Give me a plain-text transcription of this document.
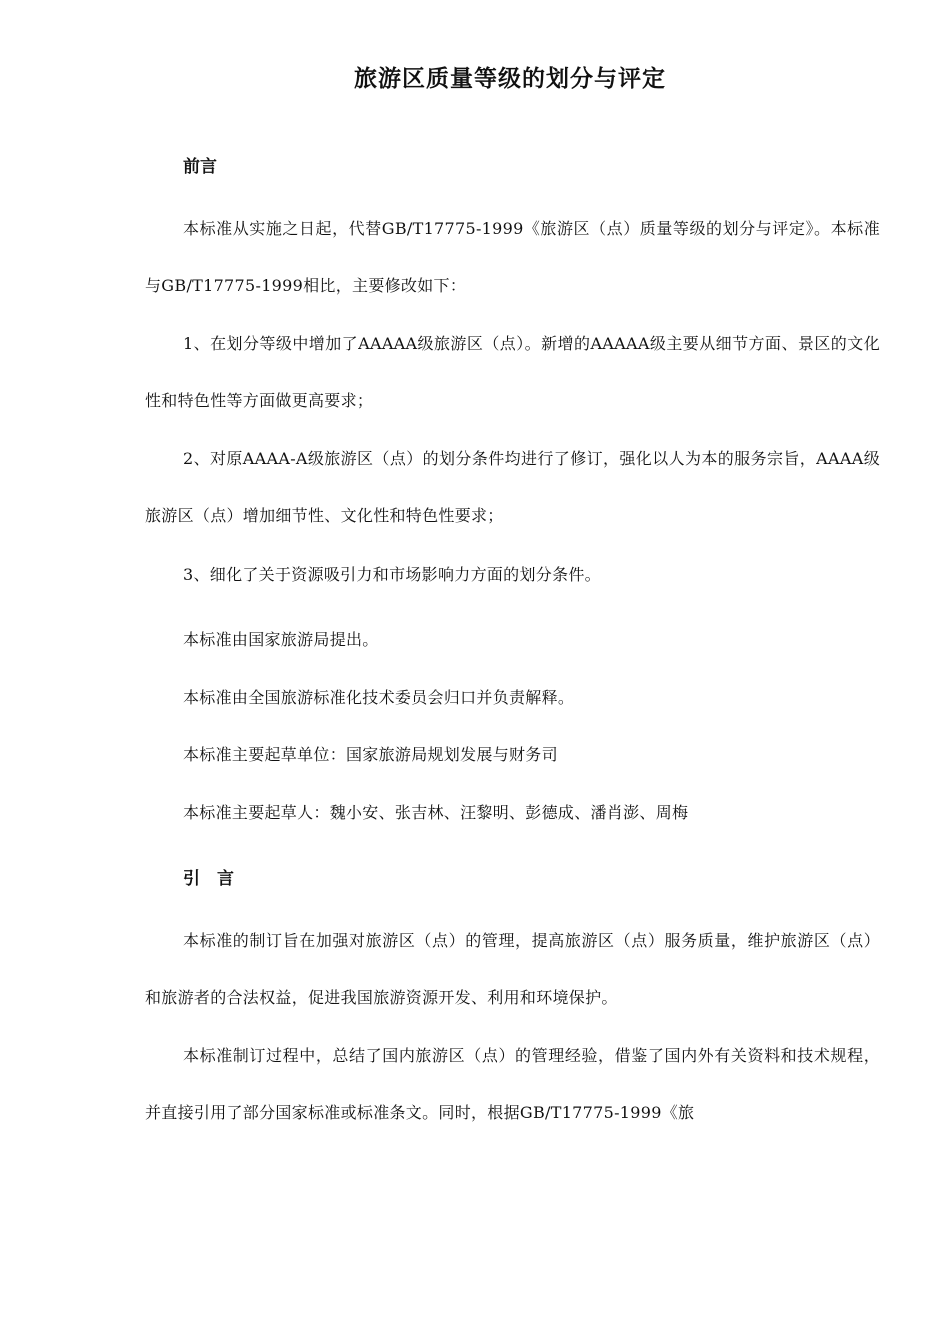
旅游区质量等级的划分与评定
前言
本标准从实施之日起，代替GB/T17775-1999《旅游区（点）质量等级的划分与评定》。本标准与GB/T17775-1999相比，主要修改如下：
1、在划分等级中增加了AAAAA级旅游区（点）。新增的AAAAA级主要从细节方面、景区的文化性和特色性等方面做更高要求；
2、对原AAAA-A级旅游区（点）的划分条件均进行了修订，强化以人为本的服务宗旨，AAAA级旅游区（点）增加细节性、文化性和特色性要求；
3、细化了关于资源吸引力和市场影响力方面的划分条件。
本标准由国家旅游局提出。
本标准由全国旅游标准化技术委员会归口并负责解释。
本标准主要起草单位：国家旅游局规划发展与财务司
本标准主要起草人：魏小安、张吉林、汪黎明、彭德成、潘肖澎、周梅
引　言
本标准的制订旨在加强对旅游区（点）的管理，提高旅游区（点）服务质量，维护旅游区（点）和旅游者的合法权益，促进我国旅游资源开发、利用和环境保护。
本标准制订过程中，总结了国内旅游区（点）的管理经验，借鉴了国内外有关资料和技术规程，并直接引用了部分国家标准或标准条文。同时，根据GB/T17775-1999《旅
